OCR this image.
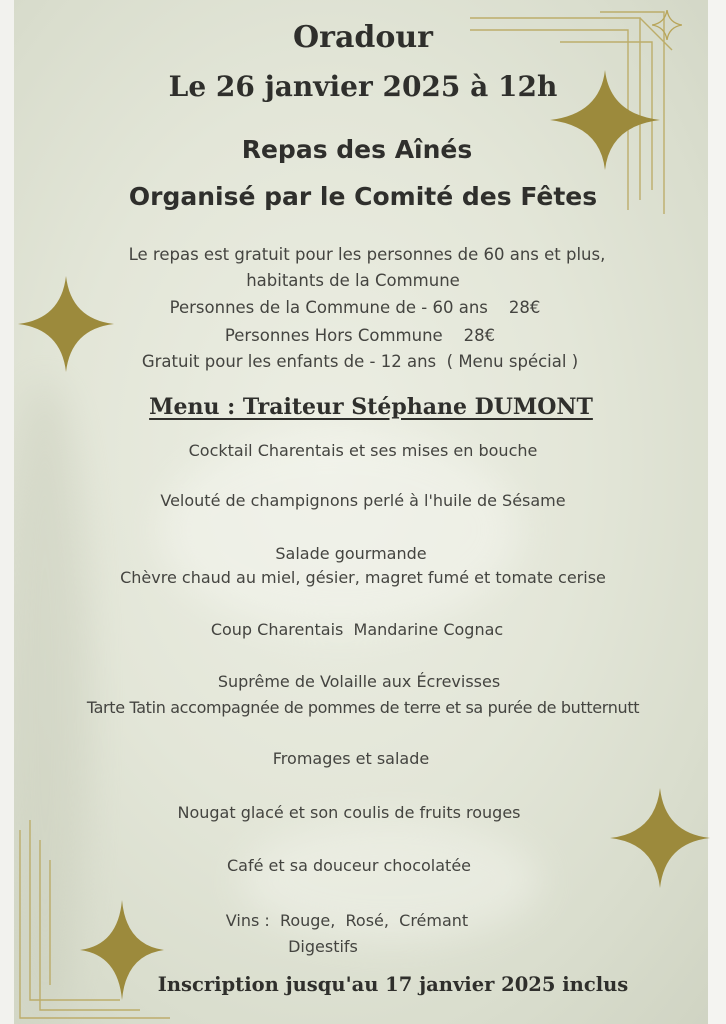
Oradour
Le 26 janvier 2025 à 12h
Repas des Aînés
Organisé par le Comité des Fêtes
Le repas est gratuit pour les personnes de 60 ans et plus,
habitants de la Commune
Personnes de la Commune de - 60 ans    28€
Personnes Hors Commune    28€
Gratuit pour les enfants de - 12 ans  ( Menu spécial )
Menu : Traiteur Stéphane DUMONT
Cocktail Charentais et ses mises en bouche
Velouté de champignons perlé à l'huile de Sésame
Salade gourmande
Chèvre chaud au miel, gésier, magret fumé et tomate cerise
Coup Charentais  Mandarine Cognac
Suprême de Volaille aux Écrevisses
Tarte Tatin accompagnée de pommes de terre et sa purée de butternutt
Fromages et salade
Nougat glacé et son coulis de fruits rouges
Café et sa douceur chocolatée
Vins :  Rouge,  Rosé,  Crémant
Digestifs
Inscription jusqu'au 17 janvier 2025 inclus
